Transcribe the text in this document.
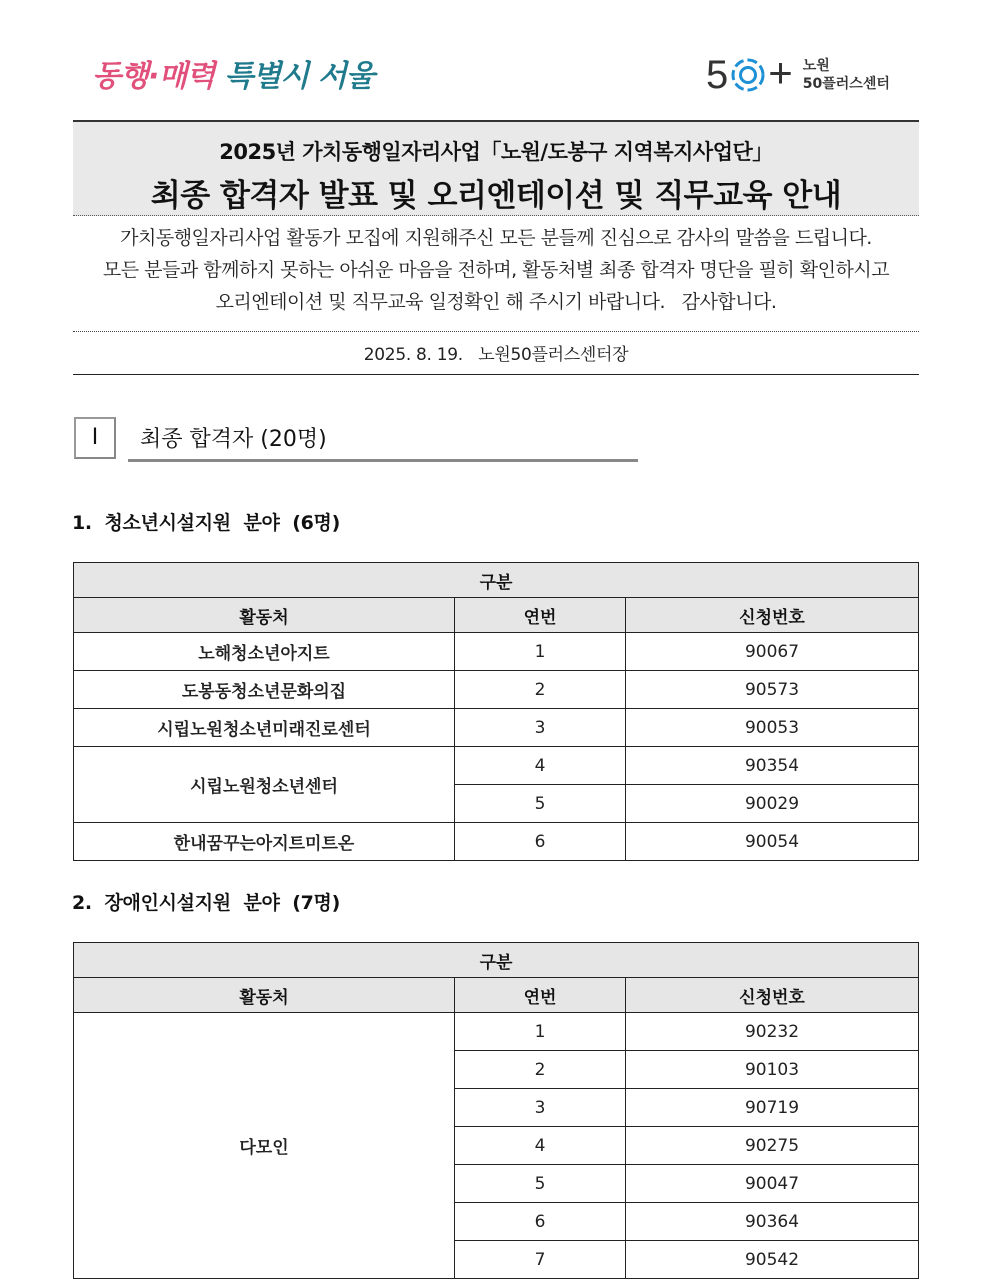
동행·매력 특별시 서울	5 + 노원
50플러스센터
2025년 가치동행일자리사업「노원/도봉구 지역복지사업단」
최종 합격자 발표 및 오리엔테이션 및 직무교육 안내
가치동행일자리사업 활동가 모집에 지원해주신 모든 분들께 진심으로 감사의 말씀을 드립니다.
모든 분들과 함께하지 못하는 아쉬운 마음을 전하며, 활동처별 최종 합격자 명단을 필히 확인하시고
오리엔테이션 및 직무교육 일정확인 해 주시기 바랍니다.   감사합니다.
2025. 8. 19.   노원50플러스센터장
Ⅰ	최종 합격자 (20명)
1.  청소년시설지원  분야  (6명)
구분		
활동처	연번	신청번호
노해청소년아지트	1	90067
도봉동청소년문화의집	2	90573
시립노원청소년미래진로센터	3	90053
시립노원청소년센터	4	90354
	5	90029
한내꿈꾸는아지트미트온	6	90054
2.  장애인시설지원  분야  (7명)
구분		
활동처	연번	신청번호
다모인	1	90232
	2	90103
	3	90719
	4	90275
	5	90047
	6	90364
	7	90542
